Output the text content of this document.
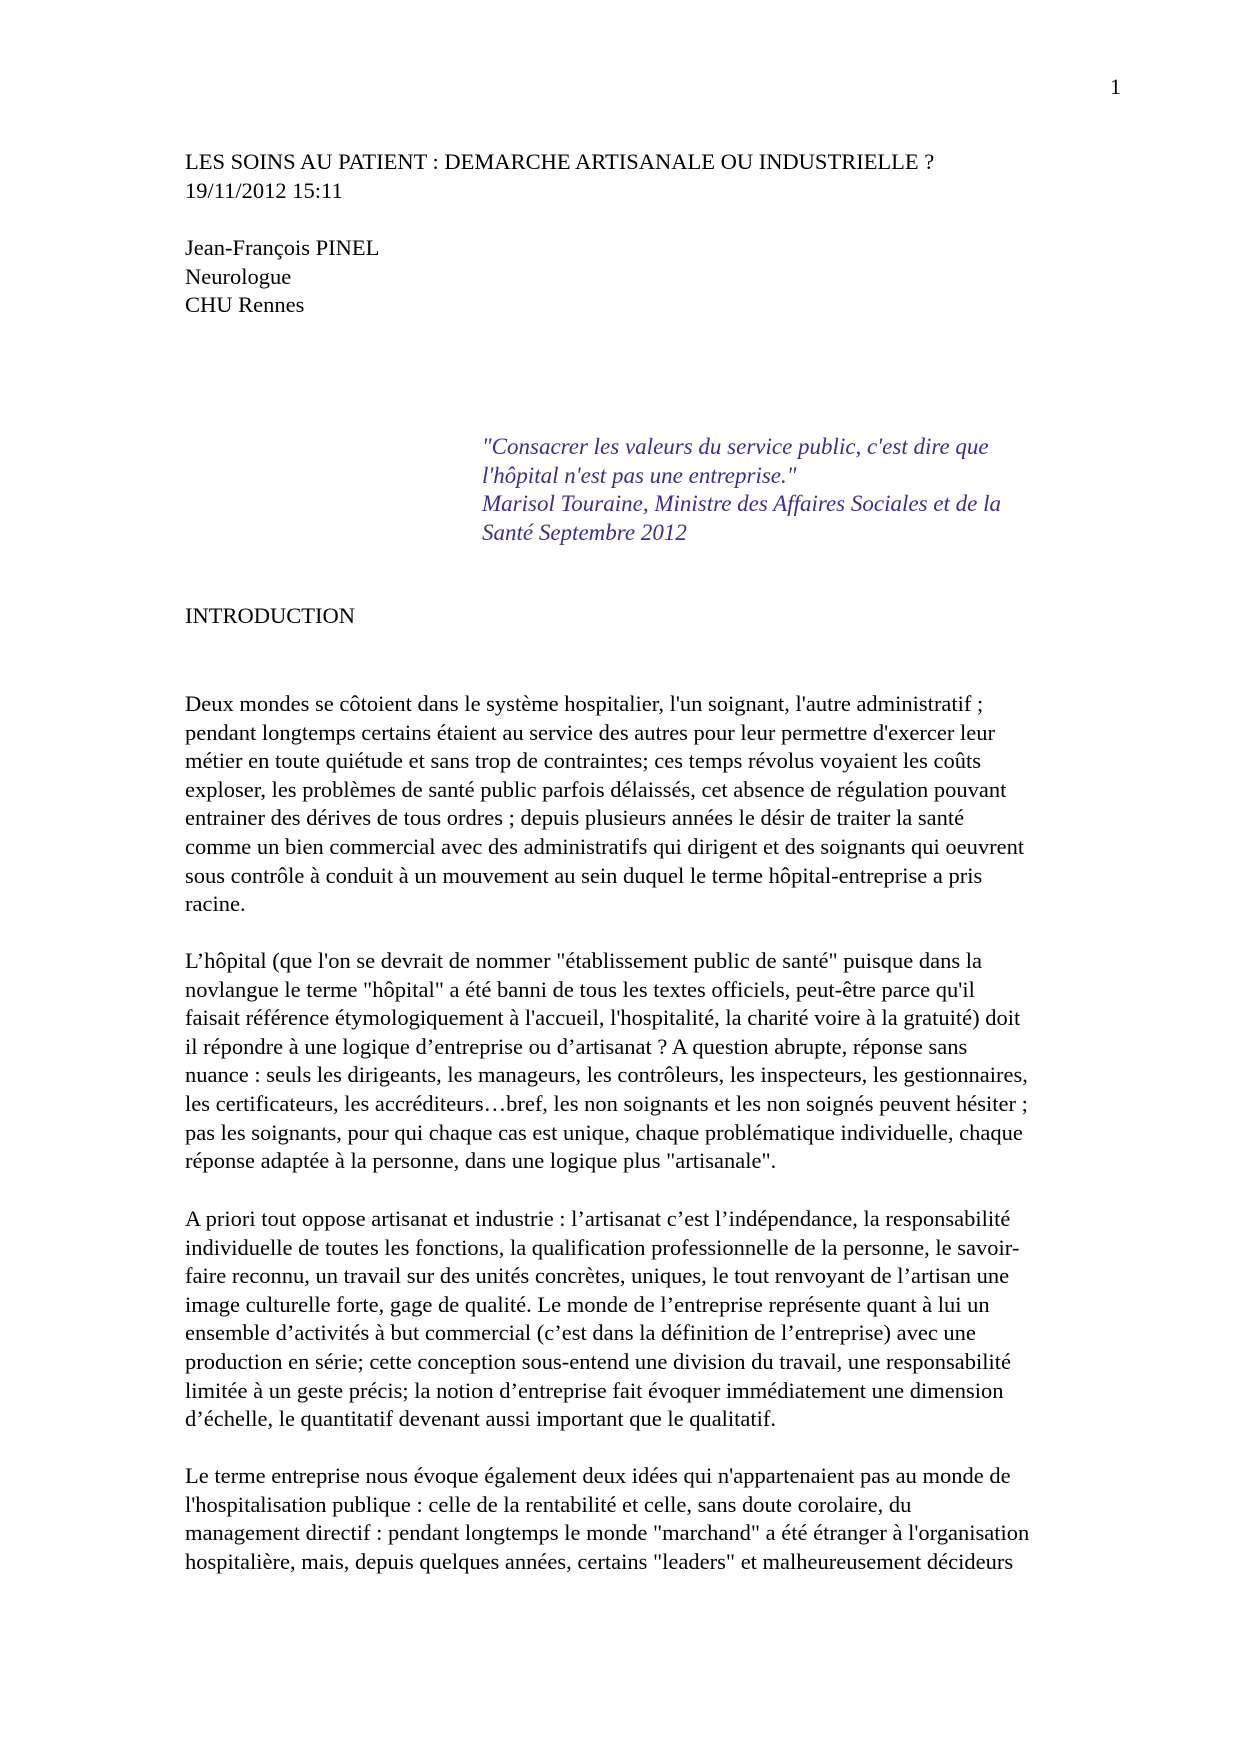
1
LES SOINS AU PATIENT : DEMARCHE ARTISANALE OU INDUSTRIELLE ?
19/11/2012 15:11
Jean-François PINEL
Neurologue
CHU Rennes
"Consacrer les valeurs du service public, c'est dire que
l'hôpital n'est pas une entreprise."
Marisol Touraine, Ministre des Affaires Sociales et de la
Santé Septembre 2012
INTRODUCTION
Deux mondes se côtoient dans le système hospitalier, l'un soignant, l'autre administratif ;
pendant longtemps certains étaient au service des autres pour leur permettre d'exercer leur
métier en toute quiétude et sans trop de contraintes; ces temps révolus voyaient les coûts
exploser, les problèmes de santé public parfois délaissés, cet absence de régulation pouvant
entrainer des dérives de tous ordres ; depuis plusieurs années le désir de traiter la santé
comme un bien commercial avec des administratifs qui dirigent et des soignants qui oeuvrent
sous contrôle à conduit à un mouvement au sein duquel le terme hôpital-entreprise a pris
racine.
L’hôpital (que l'on se devrait de nommer "établissement public de santé" puisque dans la
novlangue le terme "hôpital" a été banni de tous les textes officiels, peut-être parce qu'il
faisait référence étymologiquement à l'accueil, l'hospitalité, la charité voire à la gratuité) doit
il répondre à une logique d’entreprise ou d’artisanat ? A question abrupte, réponse sans
nuance : seuls les dirigeants, les manageurs, les contrôleurs, les inspecteurs, les gestionnaires,
les certificateurs, les accréditeurs…bref, les non soignants et les non soignés peuvent hésiter ;
pas les soignants, pour qui chaque cas est unique, chaque problématique individuelle, chaque
réponse adaptée à la personne, dans une logique plus "artisanale".
A priori tout oppose artisanat et industrie : l’artisanat c’est l’indépendance, la responsabilité
individuelle de toutes les fonctions, la qualification professionnelle de la personne, le savoir-
faire reconnu, un travail sur des unités concrètes, uniques, le tout renvoyant de l’artisan une
image culturelle forte, gage de qualité. Le monde de l’entreprise représente quant à lui un
ensemble d’activités à but commercial (c’est dans la définition de l’entreprise) avec une
production en série; cette conception sous-entend une division du travail, une responsabilité
limitée à un geste précis; la notion d’entreprise fait évoquer immédiatement une dimension
d’échelle, le quantitatif devenant aussi important que le qualitatif.
Le terme entreprise nous évoque également deux idées qui n'appartenaient pas au monde de
l'hospitalisation publique : celle de la rentabilité et celle, sans doute corolaire, du
management directif : pendant longtemps le monde "marchand" a été étranger à l'organisation
hospitalière, mais, depuis quelques années, certains "leaders" et malheureusement décideurs
